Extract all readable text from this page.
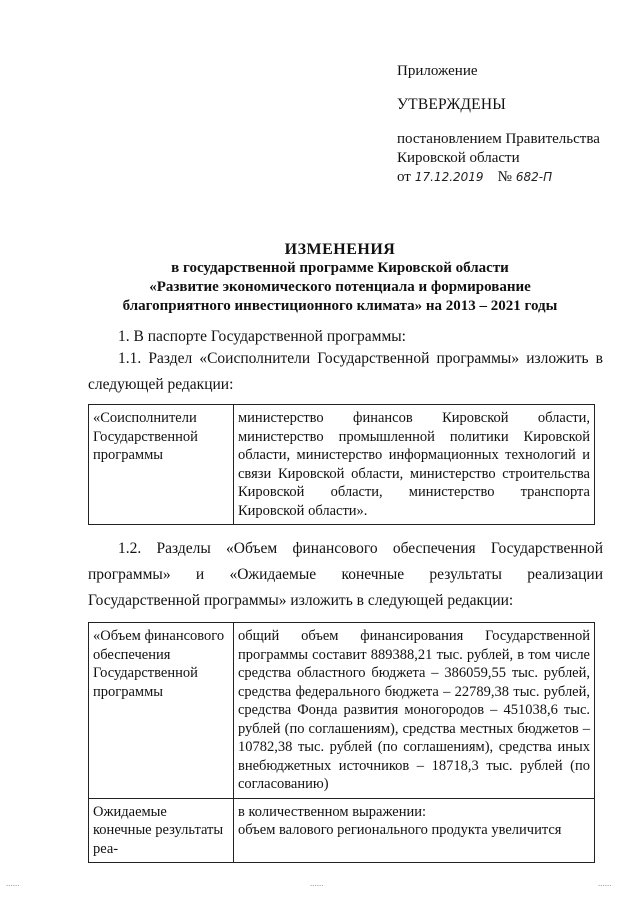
Приложение

УТВЕРЖДЕНЫ

постановлением Правительства

Кировской области

от 17.12.2019 № 682-П
ИЗМЕНЕНИЯ
в государственной программе Кировской области
«Развитие экономического потенциала и формирование
благоприятного инвестиционного климата» на 2013 – 2021 годы
1. В паспорте Государственной программы:
1.1. Раздел «Соисполнители Государственной программы» изложить в следующей редакции:
«Соисполнители Государственной программы	министерство финансов Кировской области, министерство промышленной политики Кировской области, министерство информационных технологий и связи Кировской области, министерство строительства Кировской области, министерство транспорта Кировской области».
1.2. Разделы «Объем финансового обеспечения Государственной программы» и «Ожидаемые конечные результаты реализации Государственной программы» изложить в следующей редакции:
«Объем финансового обеспечения Государственной программы	общий объем финансирования Государственной программы составит 889388,21 тыс. рублей, в том числе средства областного бюджета – 386059,55 тыс. рублей, средства федерального бюджета – 22789,38 тыс. рублей, средства Фонда развития моногородов – 451038,6 тыс. рублей (по соглашениям), средства местных бюджетов – 10782,38 тыс. рублей (по соглашениям), средства иных внебюджетных источников – 18718,3 тыс. рублей (по согласованию)
Ожидаемые конечные результаты реа-	в количественном выражении:
объем валового регионального продукта увеличится
......	......	......
